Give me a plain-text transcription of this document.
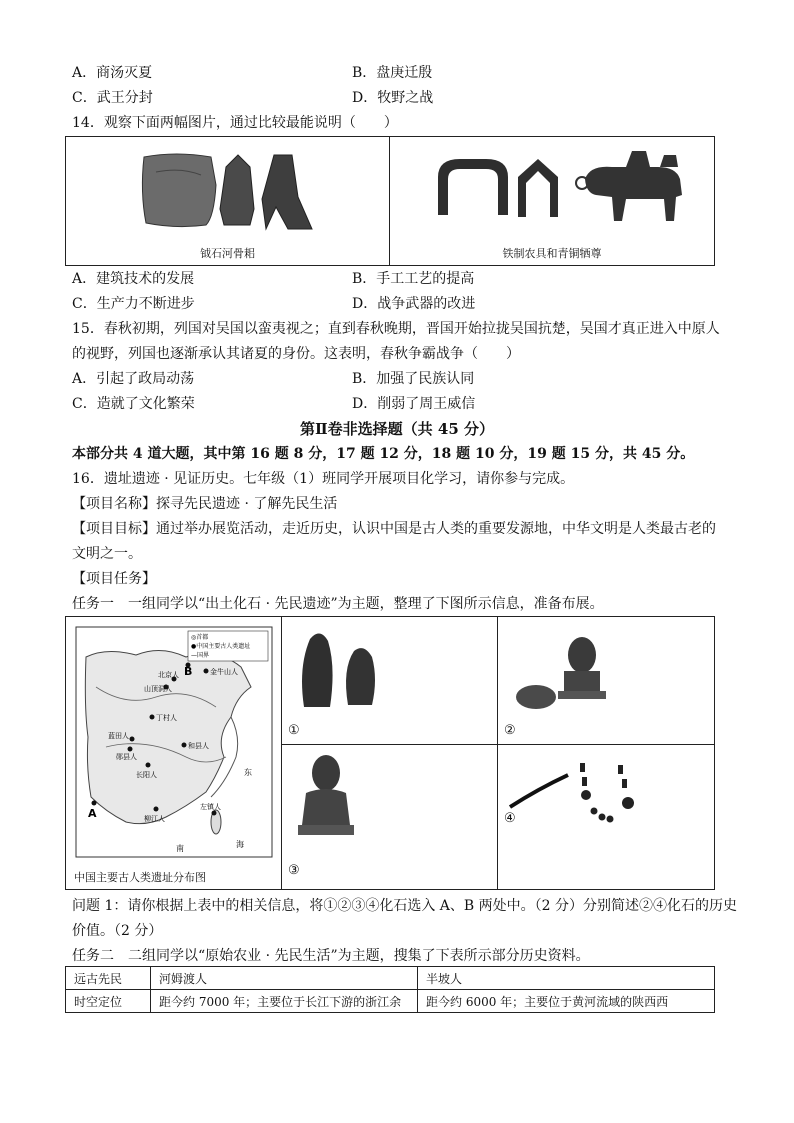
A．商汤灭夏	B．盘庚迁殷
C．武王分封	D．牧野之战
14．观察下面两幅图片，通过比较最能说明（　　）
钺石河骨耜	铁制农具和青铜牺尊
A．建筑技术的发展	B．手工工艺的提高
C．生产力不断进步	D．战争武器的改进
15．春秋初期，列国对吴国以蛮夷视之；直到春秋晚期，晋国开始拉拢吴国抗楚，吴国才真正进入中原人
的视野，列国也逐渐承认其诸夏的身份。这表明，春秋争霸战争（　　）
A．引起了政局动荡	B．加强了民族认同
C．造就了文化繁荣	D．削弱了周王威信
第Ⅱ卷非选择题（共 45 分）
本部分共 4 道大题，其中第 16 题 8 分，17 题 12 分，18 题 10 分，19 题 15 分，共 45 分。
16．遗址遗迹 · 见证历史。七年级（1）班同学开展项目化学习，请你参与完成。
【项目名称】探寻先民遗迹 · 了解先民生活
【项目目标】通过举办展览活动，走近历史，认识中国是古人类的重要发源地，中华文明是人类最古老的
文明之一。
【项目任务】
任务一　一组同学以“出土化石 · 先民遗迹”为主题，整理了下图所示信息，准备布展。
◎首都
●中国主要古人类遗址
—国界
北京人
山顶洞人
金牛山人
丁村人
蓝田人
郧县人
和县人
长阳人
柳江人
左镇人
A
B
东
南	海
中国主要古人类遗址分布图
①	②
③
④
问题 1：请你根据上表中的相关信息，将①②③④化石选入 A、B 两处中。（2 分）分别简述②④化石的历史
价值。（2 分）
任务二　二组同学以“原始农业 · 先民生活”为主题，搜集了下表所示部分历史资料。
远古先民	河姆渡人	半坡人
时空定位	距今约 7000 年；主要位于长江下游的浙江余	距今约 6000 年；主要位于黄河流域的陕西西
